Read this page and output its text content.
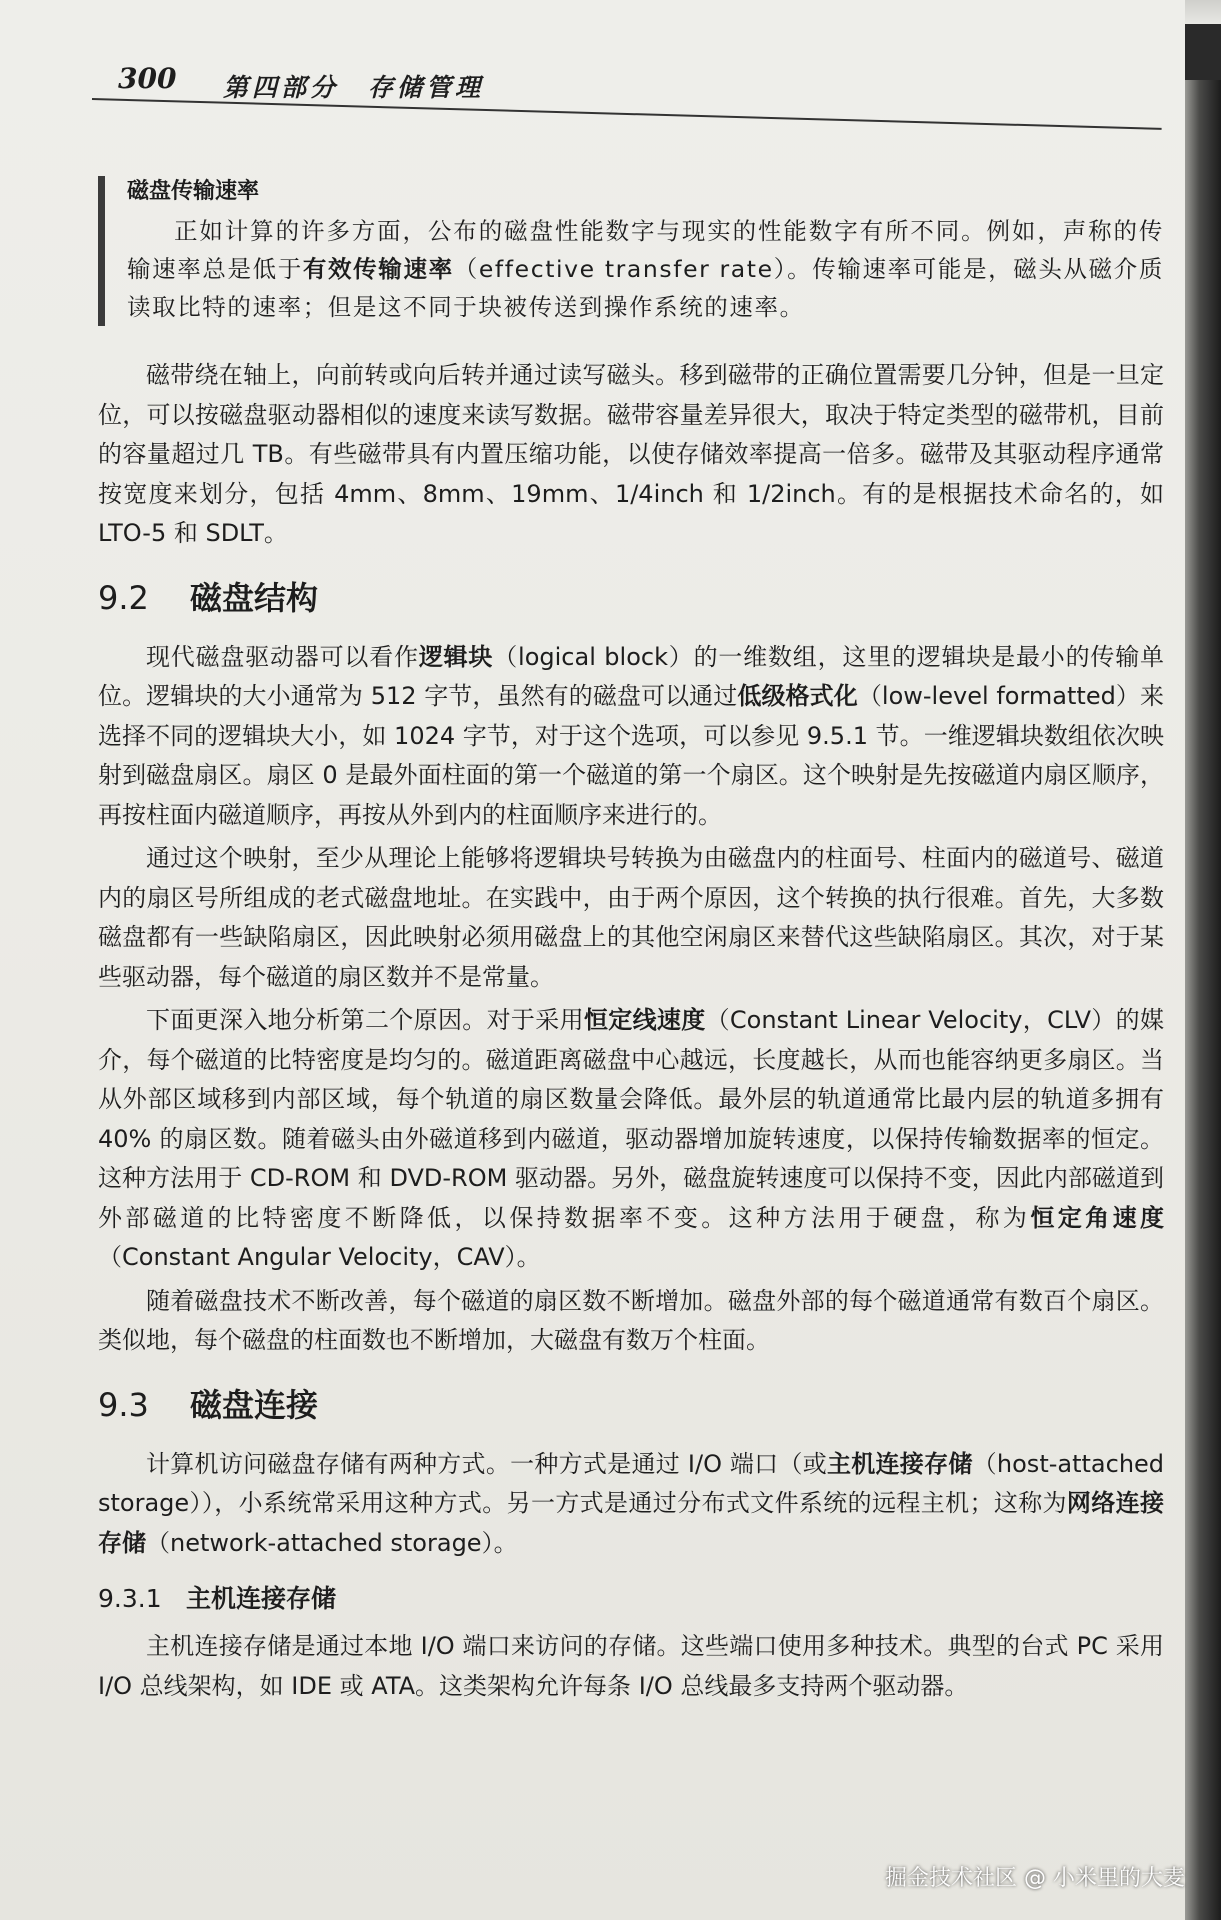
300 第四部分　存储管理
磁盘传输速率

正如计算的许多方面，公布的磁盘性能数字与现实的性能数字有所不同。例如，声称的传输速率总是低于有效传输速率（effective transfer rate）。传输速率可能是，磁头从磁介质读取比特的速率；但是这不同于块被传送到操作系统的速率。

磁带绕在轴上，向前转或向后转并通过读写磁头。移到磁带的正确位置需要几分钟，但是一旦定位，可以按磁盘驱动器相似的速度来读写数据。磁带容量差异很大，取决于特定类型的磁带机，目前的容量超过几 TB。有些磁带具有内置压缩功能，以使存储效率提高一倍多。磁带及其驱动程序通常按宽度来划分，包括 4mm、8mm、19mm、1/4inch 和 1/2inch。有的是根据技术命名的，如 LTO-5 和 SDLT。

9.2 磁盘结构

现代磁盘驱动器可以看作逻辑块（logical block）的一维数组，这里的逻辑块是最小的传输单位。逻辑块的大小通常为 512 字节，虽然有的磁盘可以通过低级格式化（low-level formatted）来选择不同的逻辑块大小，如 1024 字节，对于这个选项，可以参见 9.5.1 节。一维逻辑块数组依次映射到磁盘扇区。扇区 0 是最外面柱面的第一个磁道的第一个扇区。这个映射是先按磁道内扇区顺序，再按柱面内磁道顺序，再按从外到内的柱面顺序来进行的。

通过这个映射，至少从理论上能够将逻辑块号转换为由磁盘内的柱面号、柱面内的磁道号、磁道内的扇区号所组成的老式磁盘地址。在实践中，由于两个原因，这个转换的执行很难。首先，大多数磁盘都有一些缺陷扇区，因此映射必须用磁盘上的其他空闲扇区来替代这些缺陷扇区。其次，对于某些驱动器，每个磁道的扇区数并不是常量。

下面更深入地分析第二个原因。对于采用恒定线速度（Constant Linear Velocity，CLV）的媒介，每个磁道的比特密度是均匀的。磁道距离磁盘中心越远，长度越长，从而也能容纳更多扇区。当从外部区域移到内部区域，每个轨道的扇区数量会降低。最外层的轨道通常比最内层的轨道多拥有 40% 的扇区数。随着磁头由外磁道移到内磁道，驱动器增加旋转速度，以保持传输数据率的恒定。这种方法用于 CD-ROM 和 DVD-ROM 驱动器。另外，磁盘旋转速度可以保持不变，因此内部磁道到外部磁道的比特密度不断降低，以保持数据率不变。这种方法用于硬盘，称为恒定角速度（Constant Angular Velocity，CAV）。

随着磁盘技术不断改善，每个磁道的扇区数不断增加。磁盘外部的每个磁道通常有数百个扇区。类似地，每个磁盘的柱面数也不断增加，大磁盘有数万个柱面。

9.3 磁盘连接

计算机访问磁盘存储有两种方式。一种方式是通过 I/O 端口（或主机连接存储（host-attached storage）），小系统常采用这种方式。另一方式是通过分布式文件系统的远程主机；这称为网络连接存储（network-attached storage）。

9.3.1 主机连接存储

主机连接存储是通过本地 I/O 端口来访问的存储。这些端口使用多种技术。典型的台式 PC 采用 I/O 总线架构，如 IDE 或 ATA。这类架构允许每条 I/O 总线最多支持两个驱动器。

掘金技术社区 @ 小米里的大麦
